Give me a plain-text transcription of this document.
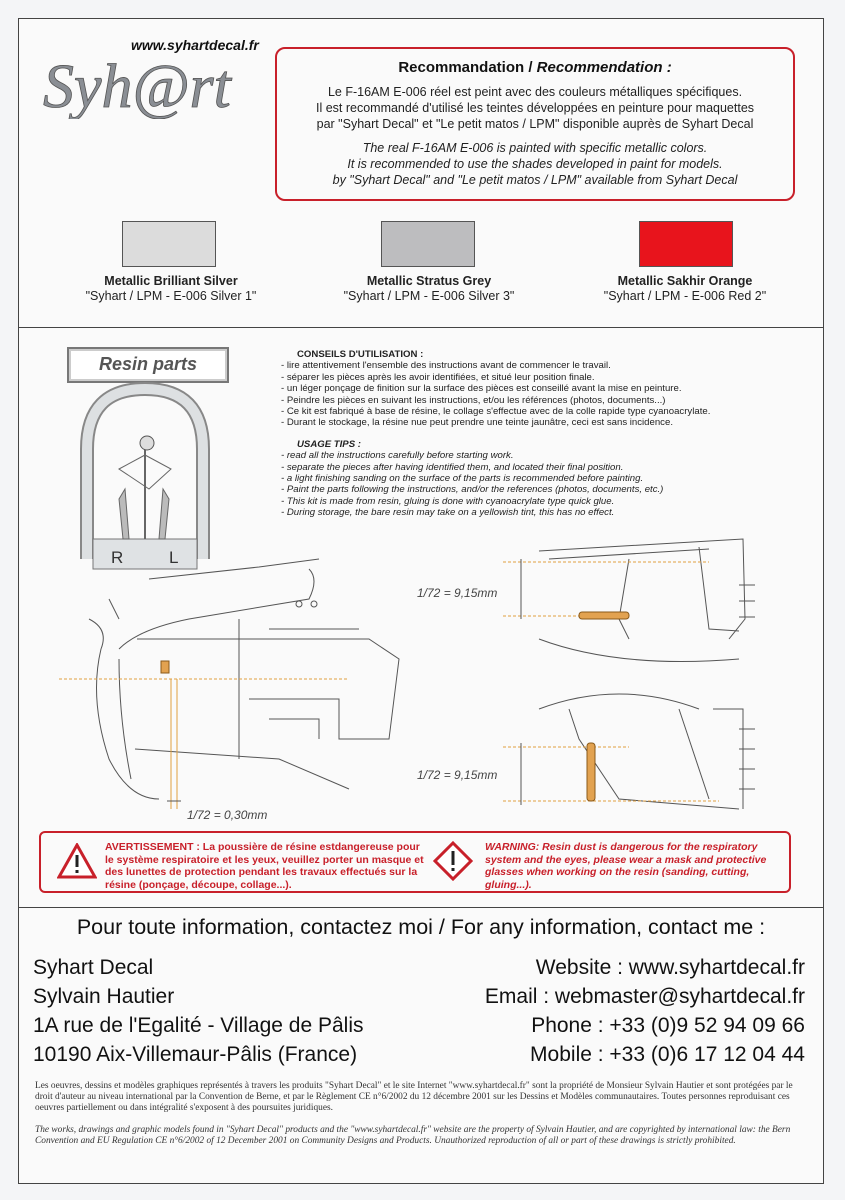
www.syhartdecal.fr
Syh@rt	Recommandation / Recommendation :
Le F-16AM E-006 réel est peint avec des couleurs métalliques spécifiques.
Il est recommandé d'utilisé les teintes développées en peinture pour maquettes
par "Syhart Decal" et "Le petit matos / LPM" disponible auprès de Syhart Decal
The real F-16AM E-006 is painted with specific metallic colors.
It is recommended to use the shades developed in paint for models.
by "Syhart Decal" and "Le petit matos / LPM" available from Syhart Decal
Metallic Brilliant Silver
"Syhart / LPM - E-006 Silver 1"
Metallic Stratus Grey
"Syhart / LPM - E-006 Silver 3"
Metallic Sakhir Orange
"Syhart / LPM - E-006 Red 2"
Resin parts	CONSEILS D'UTILISATION :
- lire attentivement l'ensemble des instructions avant de commencer le travail.
- séparer les pièces après les avoir identifiées, et situé leur position finale.
- un léger ponçage de finition sur la surface des pièces est conseillé avant la mise en peinture.
- Peindre les pièces en suivant les instructions, et/ou les références (photos, documents...)
- Ce kit est fabriqué à base de résine, le collage s'effectue avec de la colle rapide type cyanoacrylate.
- Durant le stockage, la résine nue peut prendre une teinte jaunâtre, ceci est sans incidence.
USAGE TIPS :
- read all the instructions carefully before starting work.
- separate the pieces after having identified them, and located their final position.
- a light finishing sanding on the surface of the parts is recommended before painting.
- Paint the parts following the instructions, and/or the references (photos, documents, etc.)
- This kit is made from resin, gluing is done with cyanoacrylate type quick glue.
- During storage, the bare resin may take on a yellowish tint, this has no effect.
R	L
1/72 = 0,30mm
1/72 = 9,15mm
1/72 = 9,15mm
AVERTISSEMENT : La poussière de résine estdangereuse pour le système respiratoire et les yeux, veuillez porter un masque et des lunettes de protection pendant les travaux effectués sur la résine (ponçage, découpe, collage...).
WARNING: Resin dust is dangerous for the respiratory system and the eyes, please wear a mask and protective glasses when working on the resin (sanding, cutting, gluing...).
Pour toute information, contactez moi / For any information, contact me :
Syhart Decal
Sylvain Hautier
1A rue de l'Egalité - Village de Pâlis
10190 Aix-Villemaur-Pâlis (France)
Website : www.syhartdecal.fr
Email : webmaster@syhartdecal.fr
Phone : +33 (0)9 52 94 09 66
Mobile : +33 (0)6 17 12 04 44
Les oeuvres, dessins et modèles graphiques représentés à travers les produits "Syhart Decal" et le site Internet "www.syhartdecal.fr" sont la propriété de Monsieur Sylvain Hautier et sont protégées par le droit d'auteur au niveau international par la Convention de Berne, et par le Règlement CE n°6/2002 du 12 décembre 2001 sur les Dessins et Modèles communautaires. Toutes personnes reproduisant ces oeuvres partiellement ou dans intégralité s'exposent à des poursuites juridiques.
The works, drawings and graphic models found in "Syhart Decal" products and the "www.syhartdecal.fr" website are the property of Sylvain Hautier, and are copyrighted by international law: the Bern Convention and EU Regulation CE n°6/2002 of 12 December 2001 on Community Designs and Products. Unauthorized reproduction of all or part of these drawings is strictly prohibited.
